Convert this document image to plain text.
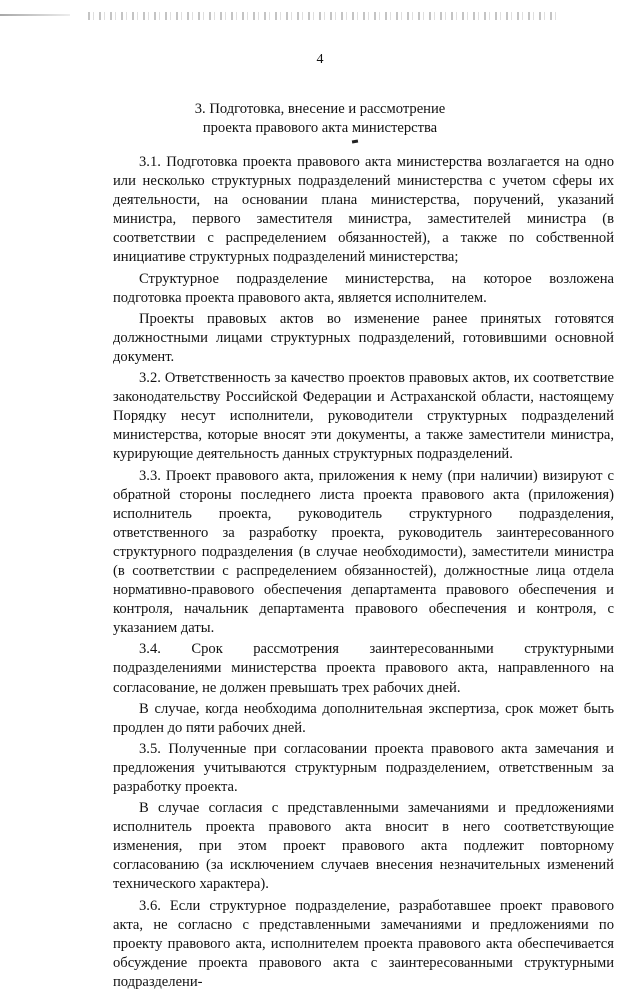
4
3. Подготовка, внесение и рассмотрение
проекта правового акта министерства

3.1. Подготовка проекта правового акта министерства возлагается на одно или несколько структурных подразделений министерства с учетом сферы их деятельности, на основании плана министерства, поручений, указаний министра, первого заместителя министра, заместителей министра (в соответствии с распределением обязанностей), а также по собственной инициативе структурных подразделений министерства;

Структурное подразделение министерства, на которое возложена подготовка проекта правового акта, является исполнителем.

Проекты правовых актов во изменение ранее принятых готовятся должностными лицами структурных подразделений, готовившими основной документ.

3.2. Ответственность за качество проектов правовых актов, их соответствие законодательству Российской Федерации и Астраханской области, настоящему Порядку несут исполнители, руководители структурных подразделений министерства, которые вносят эти документы, а также заместители министра, курирующие деятельность данных структурных подразделений.

3.3. Проект правового акта, приложения к нему (при наличии) визируют с обратной стороны последнего листа проекта правового акта (приложения) исполнитель проекта, руководитель структурного подразделения, ответственного за разработку проекта, руководитель заинтересованного структурного подразделения (в случае необходимости), заместители министра (в соответствии с распределением обязанностей), должностные лица отдела нормативно-правового обеспечения департамента правового обеспечения и контроля, начальник департамента правового обеспечения и контроля, с указанием даты.

3.4. Срок рассмотрения заинтересованными структурными подразделениями министерства проекта правового акта, направленного на согласование, не должен превышать трех рабочих дней.

В случае, когда необходима дополнительная экспертиза, срок может быть продлен до пяти рабочих дней.

3.5. Полученные при согласовании проекта правового акта замечания и предложения учитываются структурным подразделением, ответственным за разработку проекта.

В случае согласия с представленными замечаниями и предложениями исполнитель проекта правового акта вносит в него соответствующие изменения, при этом проект правового акта подлежит повторному согласованию (за исключением случаев внесения незначительных изменений технического характера).

3.6. Если структурное подразделение, разработавшее проект правового акта, не согласно с представленными замечаниями и предложениями по проекту правового акта, исполнителем проекта правового акта обеспечивается обсуждение проекта правового акта с заинтересованными структурными подразделени-
